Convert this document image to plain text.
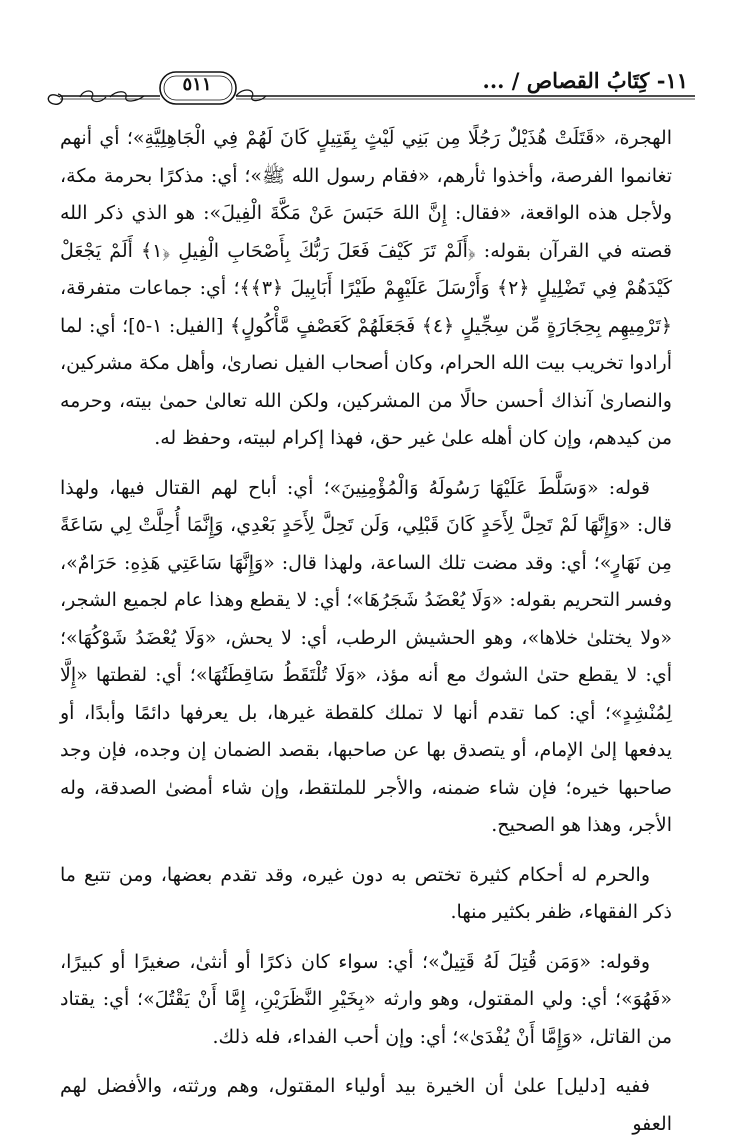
٥١١	١١- كِتَابُ القصاص / ...

الهجرة، «قَتَلَتْ هُذَيْلٌ رَجُلًا مِن بَنِي لَيْثٍ بِقَتِيلٍ كَانَ لَهُمْ فِي الْجَاهِلِيَّةِ»؛ أي أنهم تغانموا الفرصة، وأخذوا ثأرهم، «فقام رسول الله ﷺ»؛ أي: مذكرًا بحرمة مكة، ولأجل هذه الواقعة، «فقال: إِنَّ اللهَ حَبَسَ عَنْ مَكَّةَ الْفِيلَ»: هو الذي ذكر الله قصته في القرآن بقوله: ﴿أَلَمْ تَرَ كَيْفَ فَعَلَ رَبُّكَ بِأَصْحَابِ الْفِيلِ ﴿١﴾ أَلَمْ يَجْعَلْ كَيْدَهُمْ فِي تَضْلِيلٍ ﴿٢﴾ وَأَرْسَلَ عَلَيْهِمْ طَيْرًا أَبَابِيلَ ﴿٣﴾﴾؛ أي: جماعات متفرقة، ﴿تَرْمِيهِم بِحِجَارَةٍ مِّن سِجِّيلٍ ﴿٤﴾ فَجَعَلَهُمْ كَعَصْفٍ مَّأْكُولٍ﴾ [الفيل: ١-٥]؛ أي: لما أرادوا تخريب بيت الله الحرام، وكان أصحاب الفيل نصارىٰ، وأهل مكة مشركين، والنصارىٰ آنذاك أحسن حالًا من المشركين، ولكن الله تعالىٰ حمىٰ بيته، وحرمه من كيدهم، وإن كان أهله علىٰ غير حق، فهذا إكرام لبيته، وحفظ له.

قوله: «وَسَلَّطَ عَلَيْهَا رَسُولَهُ وَالْمُؤْمِنِينَ»؛ أي: أباح لهم القتال فيها، ولهذا قال: «وَإِنَّهَا لَمْ تَحِلَّ لِأَحَدٍ كَانَ قَبْلِي، وَلَن تَحِلَّ لِأَحَدٍ بَعْدِي، وَإِنَّمَا أُحِلَّتْ لِي سَاعَةً مِن نَهَارٍ»؛ أي: وقد مضت تلك الساعة، ولهذا قال: «وَإِنَّهَا سَاعَتِي هَذِهِ: حَرَامٌ»، وفسر التحريم بقوله: «وَلَا يُعْضَدُ شَجَرُهَا»؛ أي: لا يقطع وهذا عام لجميع الشجر، «ولا يختلىٰ خلاها»، وهو الحشيش الرطب، أي: لا يحش، «وَلَا يُعْضَدُ شَوْكُهَا»؛ أي: لا يقطع حتىٰ الشوك مع أنه مؤذ، «وَلَا تُلْتَقَطُ سَاقِطَتُهَا»؛ أي: لقطتها «إِلَّا لِمُنْشِدٍ»؛ أي: كما تقدم أنها لا تملك كلقطة غيرها، بل يعرفها دائمًا وأبدًا، أو يدفعها إلىٰ الإمام، أو يتصدق بها عن صاحبها، بقصد الضمان إن وجده، فإن وجد صاحبها خيره؛ فإن شاء ضمنه، والأجر للملتقط، وإن شاء أمضىٰ الصدقة، وله الأجر، وهذا هو الصحيح.

والحرم له أحكام كثيرة تختص به دون غيره، وقد تقدم بعضها، ومن تتبع ما ذكر الفقهاء، ظفر بكثير منها.

وقوله: «وَمَن قُتِلَ لَهُ قَتِيلٌ»؛ أي: سواء كان ذكرًا أو أنثىٰ، صغيرًا أو كبيرًا، «فَهُوَ»؛ أي: ولي المقتول، وهو وارثه «بِخَيْرِ النَّظَرَيْنِ، إِمَّا أَنْ يَقْتُلَ»؛ أي: يقتاد من القاتل، «وَإِمَّا أَنْ يُفْدَىٰ»؛ أي: وإن أحب الفداء، فله ذلك.

ففيه [دليل] علىٰ أن الخيرة بيد أولياء المقتول، وهم ورثته، والأفضل لهم العفو
